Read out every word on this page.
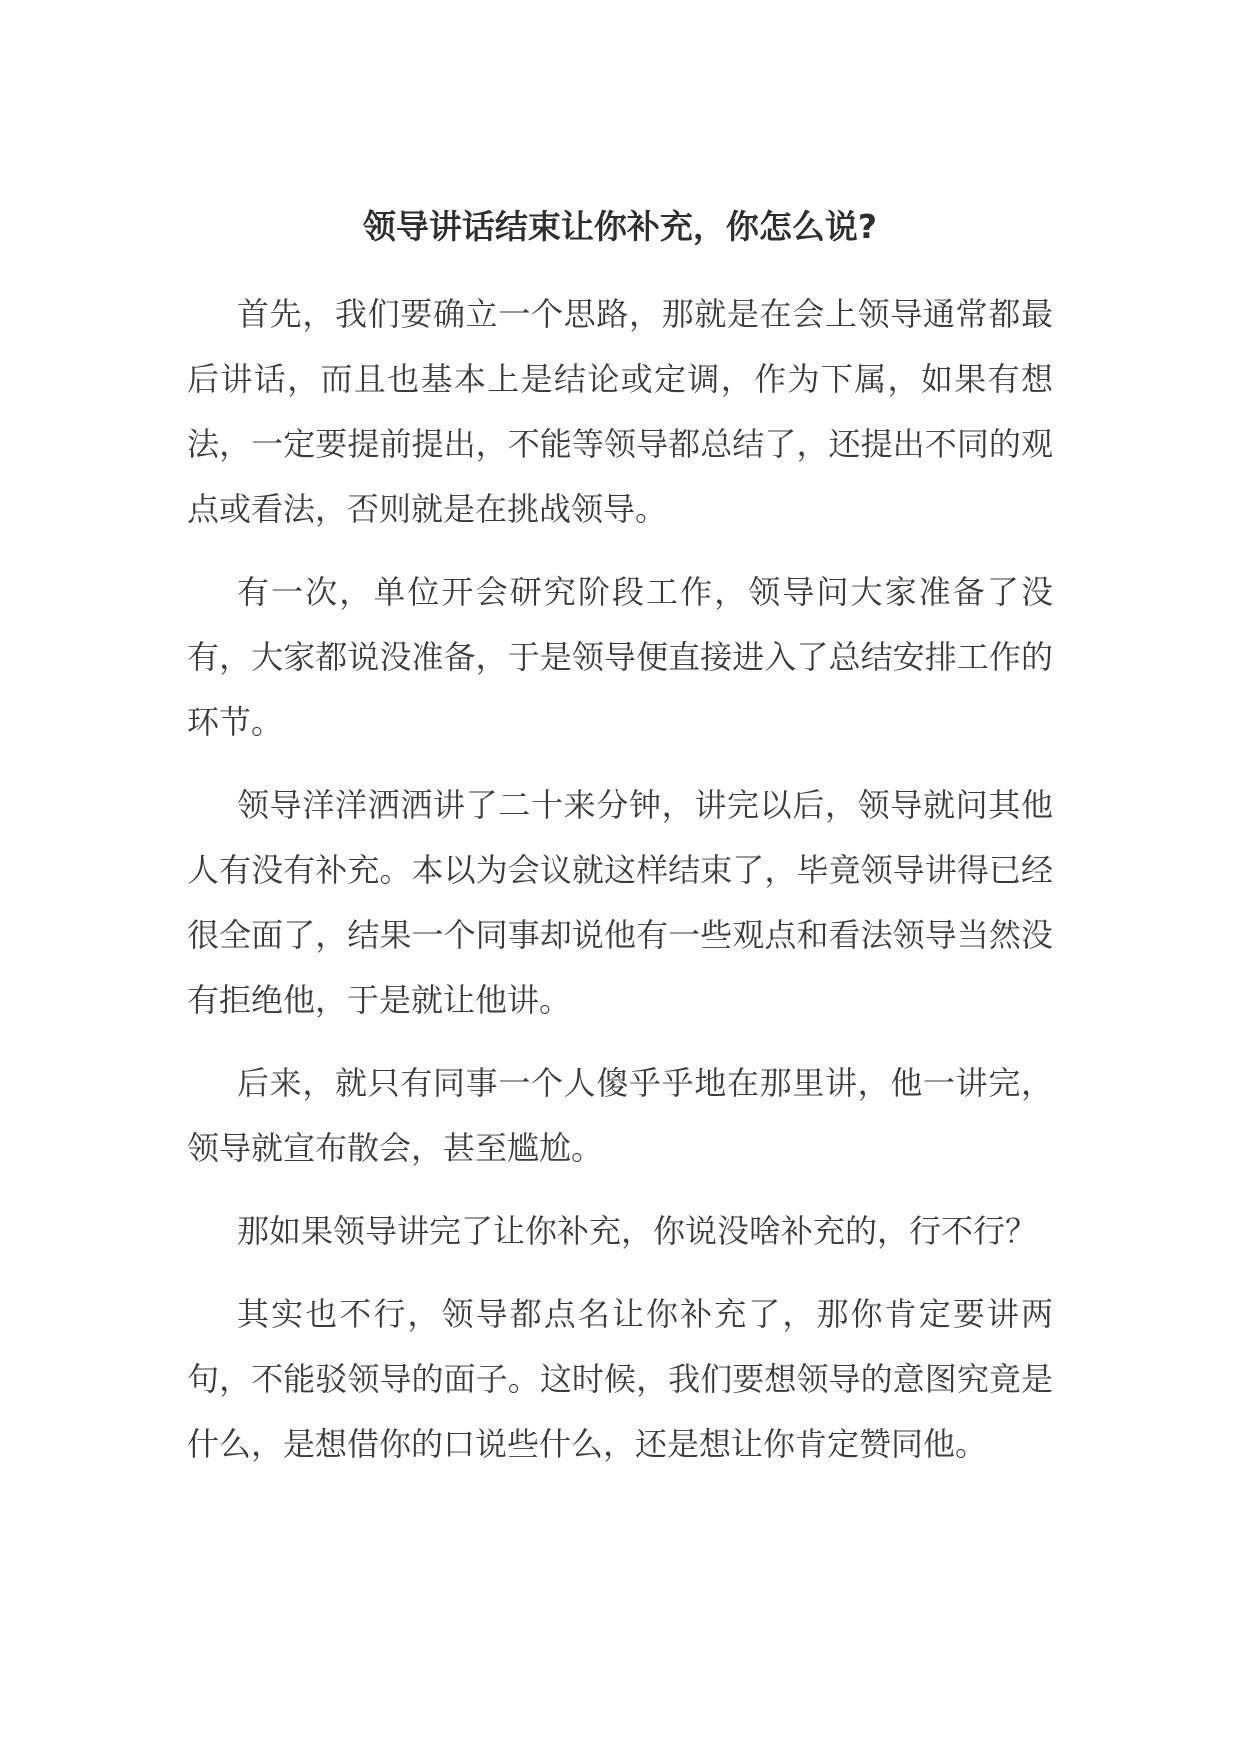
领导讲话结束让你补充，你怎么说?

首先，我们要确立一个思路，那就是在会上领导通常都最后讲话，而且也基本上是结论或定调，作为下属，如果有想法，一定要提前提出，不能等领导都总结了，还提出不同的观点或看法，否则就是在挑战领导。

有一次，单位开会研究阶段工作，领导问大家准备了没有，大家都说没准备，于是领导便直接进入了总结安排工作的环节。

领导洋洋洒洒讲了二十来分钟，讲完以后，领导就问其他人有没有补充。本以为会议就这样结束了，毕竟领导讲得已经很全面了，结果一个同事却说他有一些观点和看法领导当然没有拒绝他，于是就让他讲。

后来，就只有同事一个人傻乎乎地在那里讲，他一讲完，领导就宣布散会，甚至尴尬。

那如果领导讲完了让你补充，你说没啥补充的，行不行？

其实也不行，领导都点名让你补充了，那你肯定要讲两句，不能驳领导的面子。这时候，我们要想领导的意图究竟是什么，是想借你的口说些什么，还是想让你肯定赞同他。
